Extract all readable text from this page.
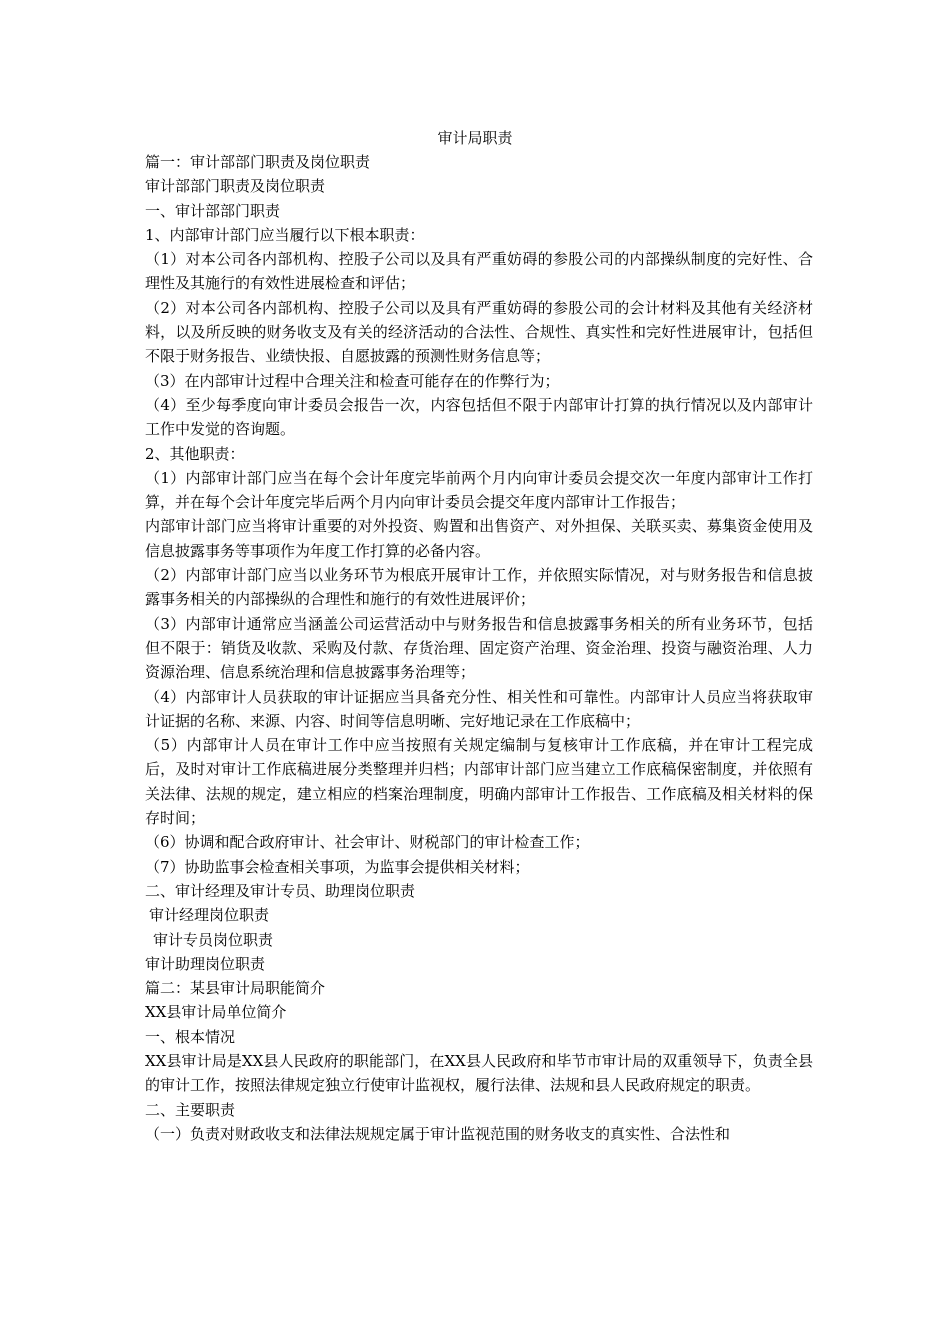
审计局职责

篇一：审计部部门职责及岗位职责

审计部部门职责及岗位职责

一、审计部部门职责

1、内部审计部门应当履行以下根本职责：

（1）对本公司各内部机构、控股子公司以及具有严重妨碍的参股公司的内部操纵制度的完好性、合理性及其施行的有效性进展检查和评估；

（2）对本公司各内部机构、控股子公司以及具有严重妨碍的参股公司的会计材料及其他有关经济材料，以及所反映的财务收支及有关的经济活动的合法性、合规性、真实性和完好性进展审计，包括但不限于财务报告、业绩快报、自愿披露的预测性财务信息等；

（3）在内部审计过程中合理关注和检查可能存在的作弊行为；

（4）至少每季度向审计委员会报告一次，内容包括但不限于内部审计打算的执行情况以及内部审计工作中发觉的咨询题。

2、其他职责：

（1）内部审计部门应当在每个会计年度完毕前两个月内向审计委员会提交次一年度内部审计工作打算，并在每个会计年度完毕后两个月内向审计委员会提交年度内部审计工作报告；

内部审计部门应当将审计重要的对外投资、购置和出售资产、对外担保、关联买卖、募集资金使用及信息披露事务等事项作为年度工作打算的必备内容。

（2）内部审计部门应当以业务环节为根底开展审计工作，并依照实际情况，对与财务报告和信息披露事务相关的内部操纵的合理性和施行的有效性进展评价；

（3）内部审计通常应当涵盖公司运营活动中与财务报告和信息披露事务相关的所有业务环节，包括但不限于：销货及收款、采购及付款、存货治理、固定资产治理、资金治理、投资与融资治理、人力资源治理、信息系统治理和信息披露事务治理等；

（4）内部审计人员获取的审计证据应当具备充分性、相关性和可靠性。内部审计人员应当将获取审计证据的名称、来源、内容、时间等信息明晰、完好地记录在工作底稿中；

（5）内部审计人员在审计工作中应当按照有关规定编制与复核审计工作底稿，并在审计工程完成后，及时对审计工作底稿进展分类整理并归档；内部审计部门应当建立工作底稿保密制度，并依照有关法律、法规的规定，建立相应的档案治理制度，明确内部审计工作报告、工作底稿及相关材料的保存时间；

（6）协调和配合政府审计、社会审计、财税部门的审计检查工作；

（7）协助监事会检查相关事项，为监事会提供相关材料；

二、审计经理及审计专员、助理岗位职责

审计经理岗位职责

审计专员岗位职责

审计助理岗位职责

篇二：某县审计局职能简介

XX县审计局单位简介

一、根本情况

XX县审计局是XX县人民政府的职能部门，在XX县人民政府和毕节市审计局的双重领导下，负责全县的审计工作，按照法律规定独立行使审计监视权，履行法律、法规和县人民政府规定的职责。

二、主要职责

（一）负责对财政收支和法律法规规定属于审计监视范围的财务收支的真实性、合法性和
